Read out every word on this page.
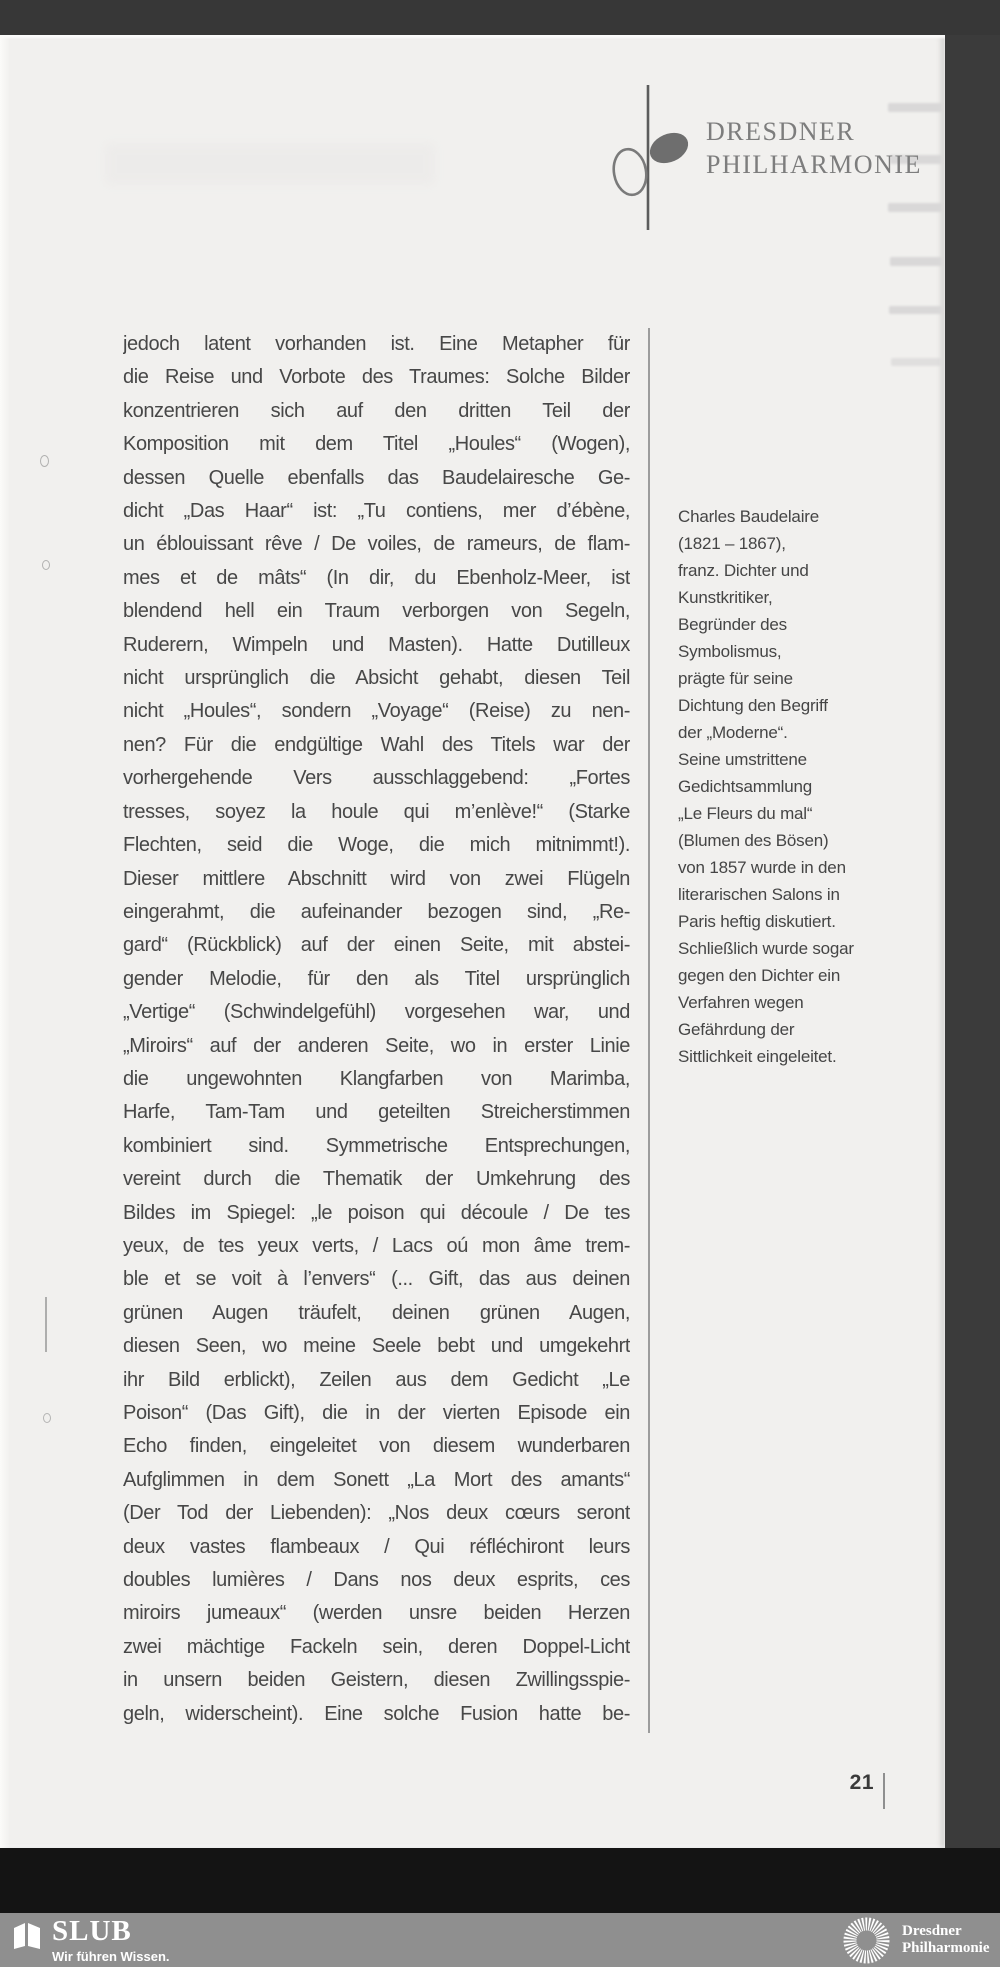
DRESDNER
PHILHARMONIE
jedoch latent vorhanden ist. Eine Metapher für
die Reise und Vorbote des Traumes: Solche Bilder
konzentrieren sich auf den dritten Teil der
Komposition mit dem Titel „Houles“ (Wogen),
dessen Quelle ebenfalls das Baudelairesche Ge-
dicht „Das Haar“ ist: „Tu contiens, mer d’ébène,
un éblouissant rêve / De voiles, de rameurs, de flam-
mes et de mâts“ (In dir, du Ebenholz-Meer, ist
blendend hell ein Traum verborgen von Segeln,
Ruderern, Wimpeln und Masten). Hatte Dutilleux
nicht ursprünglich die Absicht gehabt, diesen Teil
nicht „Houles“, sondern „Voyage“ (Reise) zu nen-
nen? Für die endgültige Wahl des Titels war der
vorhergehende Vers ausschlaggebend: „Fortes
tresses, soyez la houle qui m’enlève!“ (Starke
Flechten, seid die Woge, die mich mitnimmt!).
Dieser mittlere Abschnitt wird von zwei Flügeln
eingerahmt, die aufeinander bezogen sind, „Re-
gard“ (Rückblick) auf der einen Seite, mit abstei-
gender Melodie, für den als Titel ursprünglich
„Vertige“ (Schwindelgefühl) vorgesehen war, und
„Miroirs“ auf der anderen Seite, wo in erster Linie
die ungewohnten Klangfarben von Marimba,
Harfe, Tam-Tam und geteilten Streicherstimmen
kombiniert sind. Symmetrische Entsprechungen,
vereint durch die Thematik der Umkehrung des
Bildes im Spiegel: „le poison qui découle / De tes
yeux, de tes yeux verts, / Lacs oú mon âme trem-
ble et se voit à l’envers“ (... Gift, das aus deinen
grünen Augen träufelt, deinen grünen Augen,
diesen Seen, wo meine Seele bebt und umgekehrt
ihr Bild erblickt), Zeilen aus dem Gedicht „Le
Poison“ (Das Gift), die in der vierten Episode ein
Echo finden, eingeleitet von diesem wunderbaren
Aufglimmen in dem Sonett „La Mort des amants“
(Der Tod der Liebenden): „Nos deux cœurs seront
deux vastes flambeaux / Qui réfléchiront leurs
doubles lumières / Dans nos deux esprits, ces
miroirs jumeaux“ (werden unsre beiden Herzen
zwei mächtige Fackeln sein, deren Doppel-Licht
in unsern beiden Geistern, diesen Zwillingsspie-
geln, widerscheint). Eine solche Fusion hatte be-
Charles Baudelaire
(1821 – 1867),
franz. Dichter und
Kunstkritiker,
Begründer des
Symbolismus,
prägte für seine
Dichtung den Begriff
der „Moderne“.
Seine umstrittene
Gedichtsammlung
„Le Fleurs du mal“
(Blumen des Bösen)
von 1857 wurde in den
literarischen Salons in
Paris heftig diskutiert.
Schließlich wurde sogar
gegen den Dichter ein
Verfahren wegen
Gefährdung der
Sittlichkeit eingeleitet.
21
SLUB
Wir führen Wissen.
Dresdner
Philharmonie
